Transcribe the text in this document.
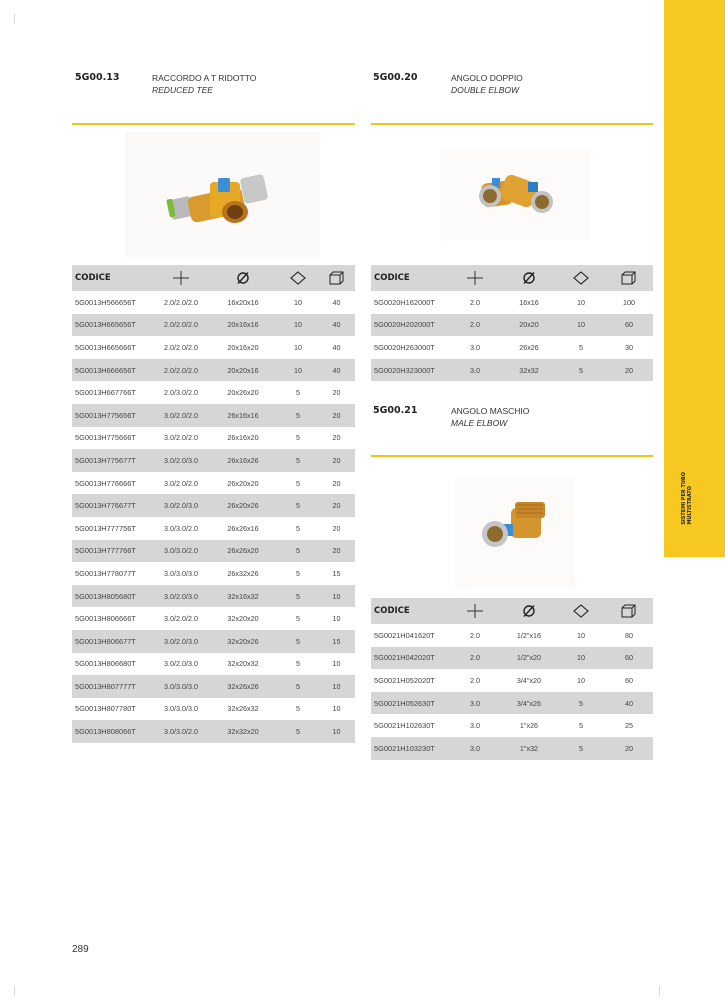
SISTEMI PER TUBO MULTISTRATO
5G00.13	RACCORDO A T RIDOTTO
REDUCED TEE
CODICE	

5G0013H566656T	2.0/2.0/2.0	16x20x16	10	40
5G0013H665656T	2.0/2.0/2.0	20x16x16	10	40
5G0013H665666T	2.0/2.0/2.0	20x16x20	10	40
5G0013H666656T	2.0/2.0/2.0	20x20x16	10	40
5G0013H667766T	2.0/3.0/2.0	20x26x20	5	20
5G0013H775656T	3.0/2.0/2.0	26x16x16	5	20
5G0013H775666T	3.0/2.0/2.0	26x16x20	5	20
5G0013H775677T	3.0/2.0/3.0	26x16x26	5	20
5G0013H776666T	3.0/2.0/2.0	26x20x20	5	20
5G0013H776677T	3.0/2.0/3.0	26x20x26	5	20
5G0013H777756T	3.0/3.0/2.0	26x26x16	5	20
5G0013H777766T	3.0/3.0/2.0	26x26x20	5	20
5G0013H778077T	3.0/3.0/3.0	26x32x26	5	15
5G0013H805680T	3.0/2.0/3.0	32x16x32	5	10
5G0013H806666T	3.0/2.0/2.0	32x20x20	5	10
5G0013H806677T	3.0/2.0/3.0	32x20x26	5	15
5G0013H806680T	3.0/2.0/3.0	32x20x32	5	10
5G0013H807777T	3.0/3.0/3.0	32x26x26	5	10
5G0013H807780T	3.0/3.0/3.0	32x26x32	5	10
5G0013H808066T	3.0/3.0/2.0	32x32x20	5	10
5G00.20	ANGOLO DOPPIO
DOUBLE ELBOW
CODICE	

5G0020H162000T	2.0	16x16	10	100
5G0020H202000T	2.0	20x20	10	60
5G0020H263000T	3.0	26x26	5	30
5G0020H323000T	3.0	32x32	5	20
5G00.21	ANGOLO MASCHIO
MALE ELBOW
CODICE	

5G0021H041620T	2.0	1/2"x16	10	80
5G0021H042020T	2.0	1/2"x20	10	60
5G0021H052020T	2.0	3/4"x20	10	60
5G0021H052630T	3.0	3/4"x26	5	40
5G0021H102630T	3.0	1"x26	5	25
5G0021H103230T	3.0	1"x32	5	20
289
